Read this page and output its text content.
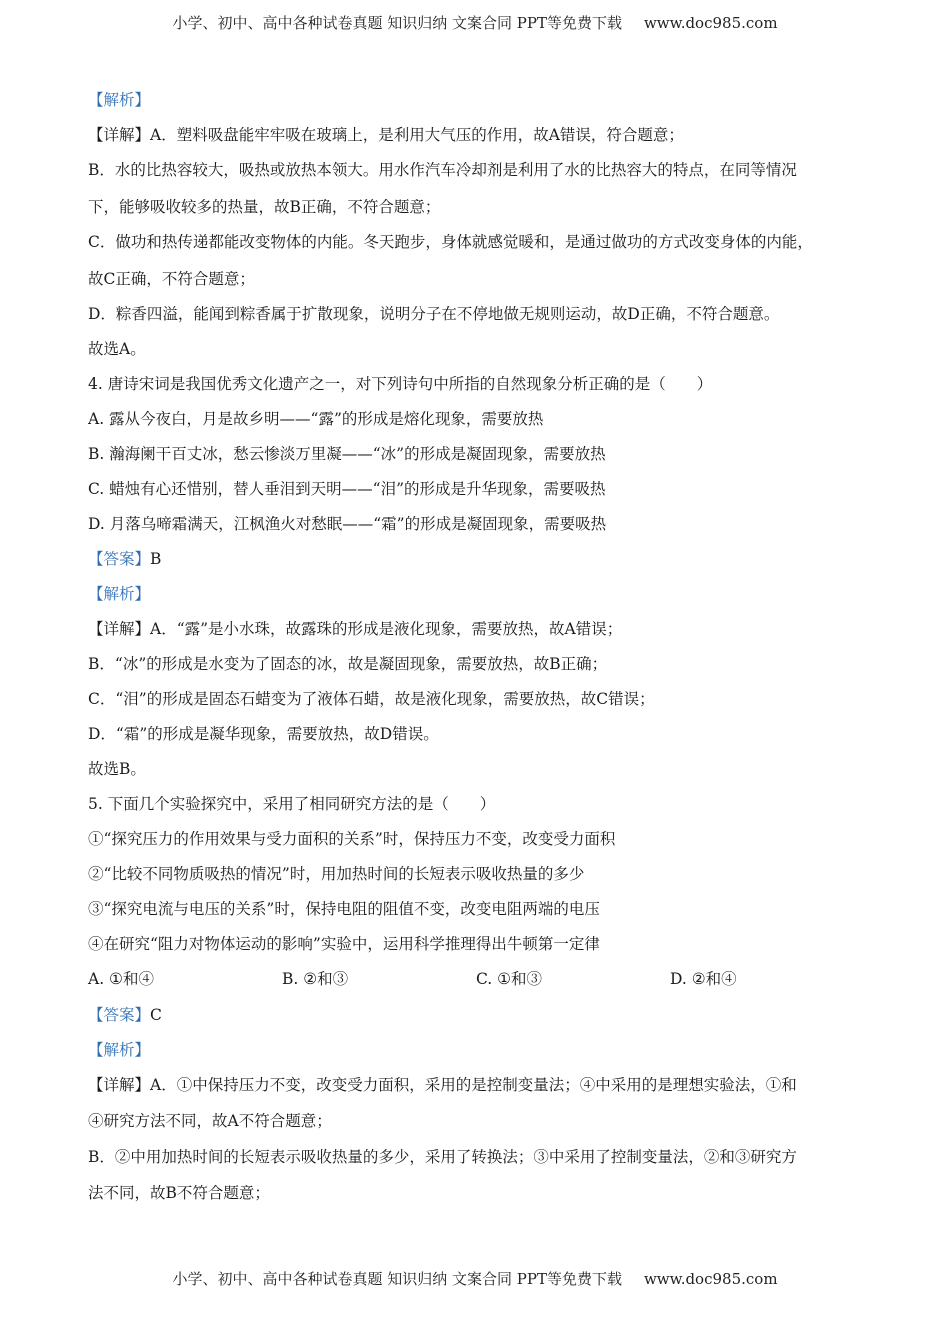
小学、初中、高中各种试卷真题 知识归纳 文案合同 PPT等免费下载 www.doc985.com
【解析】
【详解】A．塑料吸盘能牢牢吸在玻璃上，是利用大气压的作用，故A错误，符合题意；
B．水的比热容较大，吸热或放热本领大。用水作汽车冷却剂是利用了水的比热容大的特点，在同等情况
下，能够吸收较多的热量，故B正确，不符合题意；
C．做功和热传递都能改变物体的内能。冬天跑步，身体就感觉暖和，是通过做功的方式改变身体的内能，
故C正确，不符合题意；
D．粽香四溢，能闻到粽香属于扩散现象，说明分子在不停地做无规则运动，故D正确，不符合题意。
故选A。
4. 唐诗宋词是我国优秀文化遗产之一，对下列诗句中所指的自然现象分析正确的是（　　）
A. 露从今夜白，月是故乡明——“露”的形成是熔化现象，需要放热
B. 瀚海阑干百丈冰，愁云惨淡万里凝——“冰”的形成是凝固现象，需要放热
C. 蜡烛有心还惜别，替人垂泪到天明——“泪”的形成是升华现象，需要吸热
D. 月落乌啼霜满天，江枫渔火对愁眠——“霜”的形成是凝固现象，需要吸热
【答案】B
【解析】
【详解】A．“露”是小水珠，故露珠的形成是液化现象，需要放热，故A错误；
B．“冰”的形成是水变为了固态的冰，故是凝固现象，需要放热，故B正确；
C．“泪”的形成是固态石蜡变为了液体石蜡，故是液化现象，需要放热，故C错误；
D．“霜”的形成是凝华现象，需要放热，故D错误。
故选B。
5. 下面几个实验探究中，采用了相同研究方法的是（　　）
①“探究压力的作用效果与受力面积的关系”时，保持压力不变，改变受力面积
②“比较不同物质吸热的情况”时，用加热时间的长短表示吸收热量的多少
③“探究电流与电压的关系”时，保持电阻的阻值不变，改变电阻两端的电压
④在研究“阻力对物体运动的影响”实验中，运用科学推理得出牛顿第一定律
A. ①和④	B. ②和③	C. ①和③	D. ②和④
【答案】C
【解析】
【详解】A．①中保持压力不变，改变受力面积，采用的是控制变量法；④中采用的是理想实验法，①和
④研究方法不同，故A不符合题意；
B．②中用加热时间的长短表示吸收热量的多少，采用了转换法；③中采用了控制变量法，②和③研究方
法不同，故B不符合题意；
小学、初中、高中各种试卷真题 知识归纳 文案合同 PPT等免费下载 www.doc985.com
